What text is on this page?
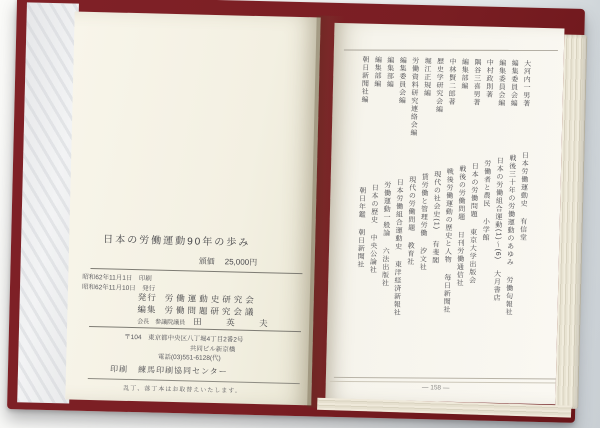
日本の労働運動90年の歩み
頒価 25,000円
昭和62年11月1日　印刷
昭和62年11月10日　発行
発行 労働運動史研究会
編集 労働問題研究会議
会長　参議院議員 田　英　夫
〒104　東京都中央区八丁堀4丁目2番2号
共同ビル新京橋
電話(03)551-6128(代)
印刷 練馬印刷協同センター
乱丁、落丁本はお取替えいたします。
大河内一男著日本労働運動史有信堂
編集委員会編戦後三十年の労働運動のあゆみ労働旬報社
編集委員会編日本の労働組合運動(1)〜(6)大月書店
中村政則著労働者と農民小学館
隅谷三喜男著日本の労働問題東京大学出版会
編集部編戦後の労働問題日刊労働通信社
中林賢二郎著戦後労働運動の歴史と人物毎日新聞社
歴史学研究会編現代の社会史(1)有斐閣
堀江正規編賃労働と管理労働汐文社
労働資料研究連絡会編現代の労働問題教育社
編集委員会編日本労働組合運動史東洋経済新報社
編集部編労働運動一般論六法出版社
編集部編日本の歴史中央公論社
朝日新聞社編朝日年鑑朝日新聞社
― 158 ―
